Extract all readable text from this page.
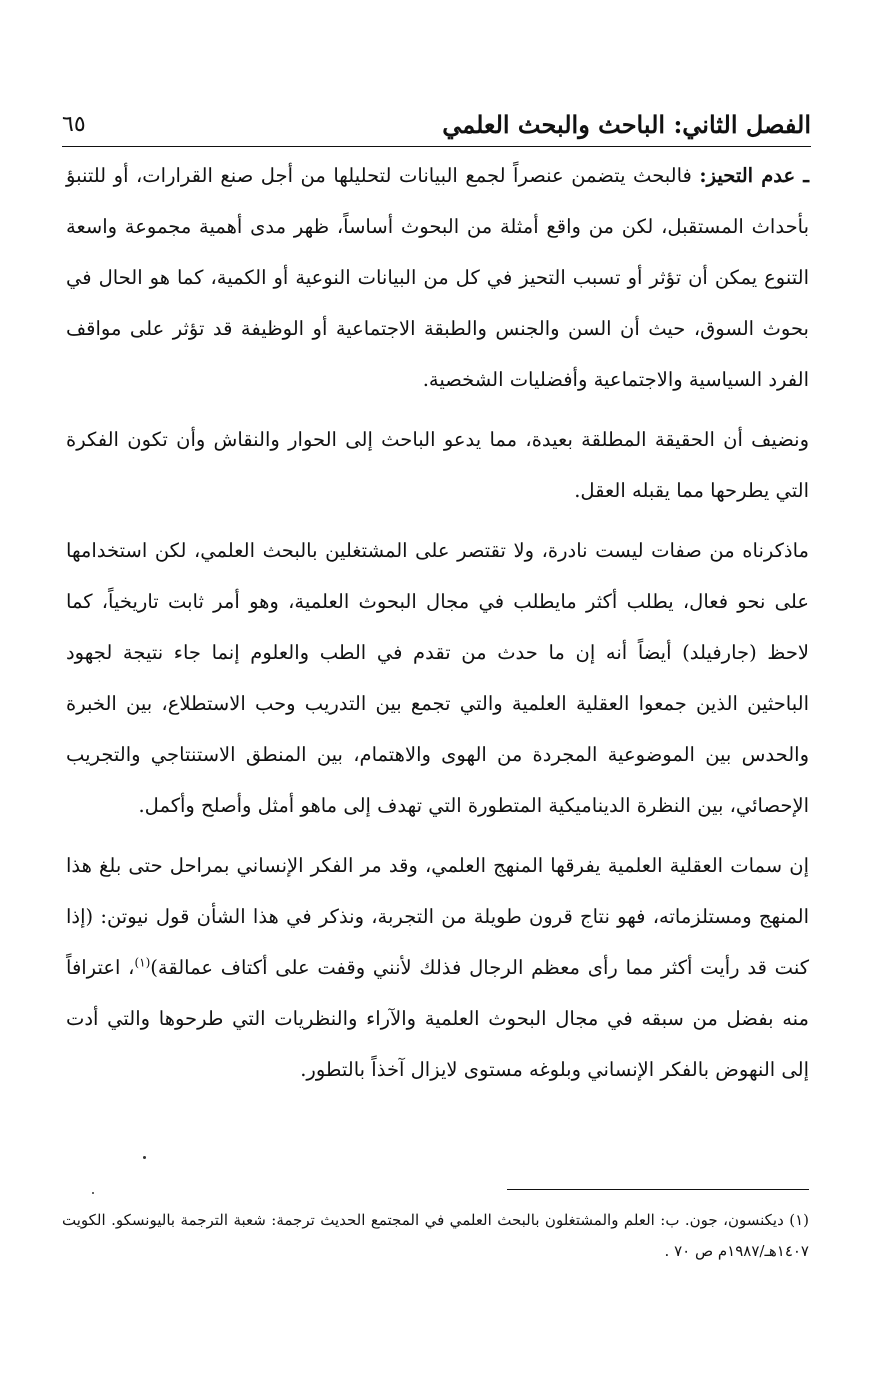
الفصل الثاني: الباحث والبحث العلمي
٦٥

ـ عدم التحيز: فالبحث يتضمن عنصراً لجمع البيانات لتحليلها من أجل صنع القرارات، أو للتنبؤ بأحداث المستقبل، لكن من واقع أمثلة من البحوث أساساً، ظهر مدى أهمية مجموعة واسعة التنوع يمكن أن تؤثر أو تسبب التحيز في كل من البيانات النوعية أو الكمية، كما هو الحال في بحوث السوق، حيث أن السن والجنس والطبقة الاجتماعية أو الوظيفة قد تؤثر على مواقف الفرد السياسية والاجتماعية وأفضليات الشخصية.

ونضيف أن الحقيقة المطلقة بعيدة، مما يدعو الباحث إلى الحوار والنقاش وأن تكون الفكرة التي يطرحها مما يقبله العقل.

ماذكرناه من صفات ليست نادرة، ولا تقتصر على المشتغلين بالبحث العلمي، لكن استخدامها على نحو فعال، يطلب أكثر مايطلب في مجال البحوث العلمية، وهو أمر ثابت تاريخياً، كما لاحظ (جارفيلد) أيضاً أنه إن ما حدث من تقدم في الطب والعلوم إنما جاء نتيجة لجهود الباحثين الذين جمعوا العقلية العلمية والتي تجمع بين التدريب وحب الاستطلاع، بين الخبرة والحدس بين الموضوعية المجردة من الهوى والاهتمام، بين المنطق الاستنتاجي والتجريب الإحصائي، بين النظرة الديناميكية المتطورة التي تهدف إلى ماهو أمثل وأصلح وأكمل.

إن سمات العقلية العلمية يفرقها المنهج العلمي، وقد مر الفكر الإنساني بمراحل حتى بلغ هذا المنهج ومستلزماته، فهو نتاج قرون طويلة من التجربة، ونذكر في هذا الشأن قول نيوتن: (إذا كنت قد رأيت أكثر مما رأى معظم الرجال فذلك لأنني وقفت على أكتاف عمالقة)$^{(١)}$، اعترافاً منه بفضل من سبقه في مجال البحوث العلمية والآراء والنظريات التي طرحوها والتي أدت إلى النهوض بالفكر الإنساني وبلوغه مستوى لايزال آخذاً بالتطور.

(١) ديكنسون، جون. ب: العلم والمشتغلون بالبحث العلمي في المجتمع الحديث ترجمة: شعبة الترجمة باليونسكو. الكويت ١٤٠٧هـ/١٩٨٧م ص ٧٠ .
